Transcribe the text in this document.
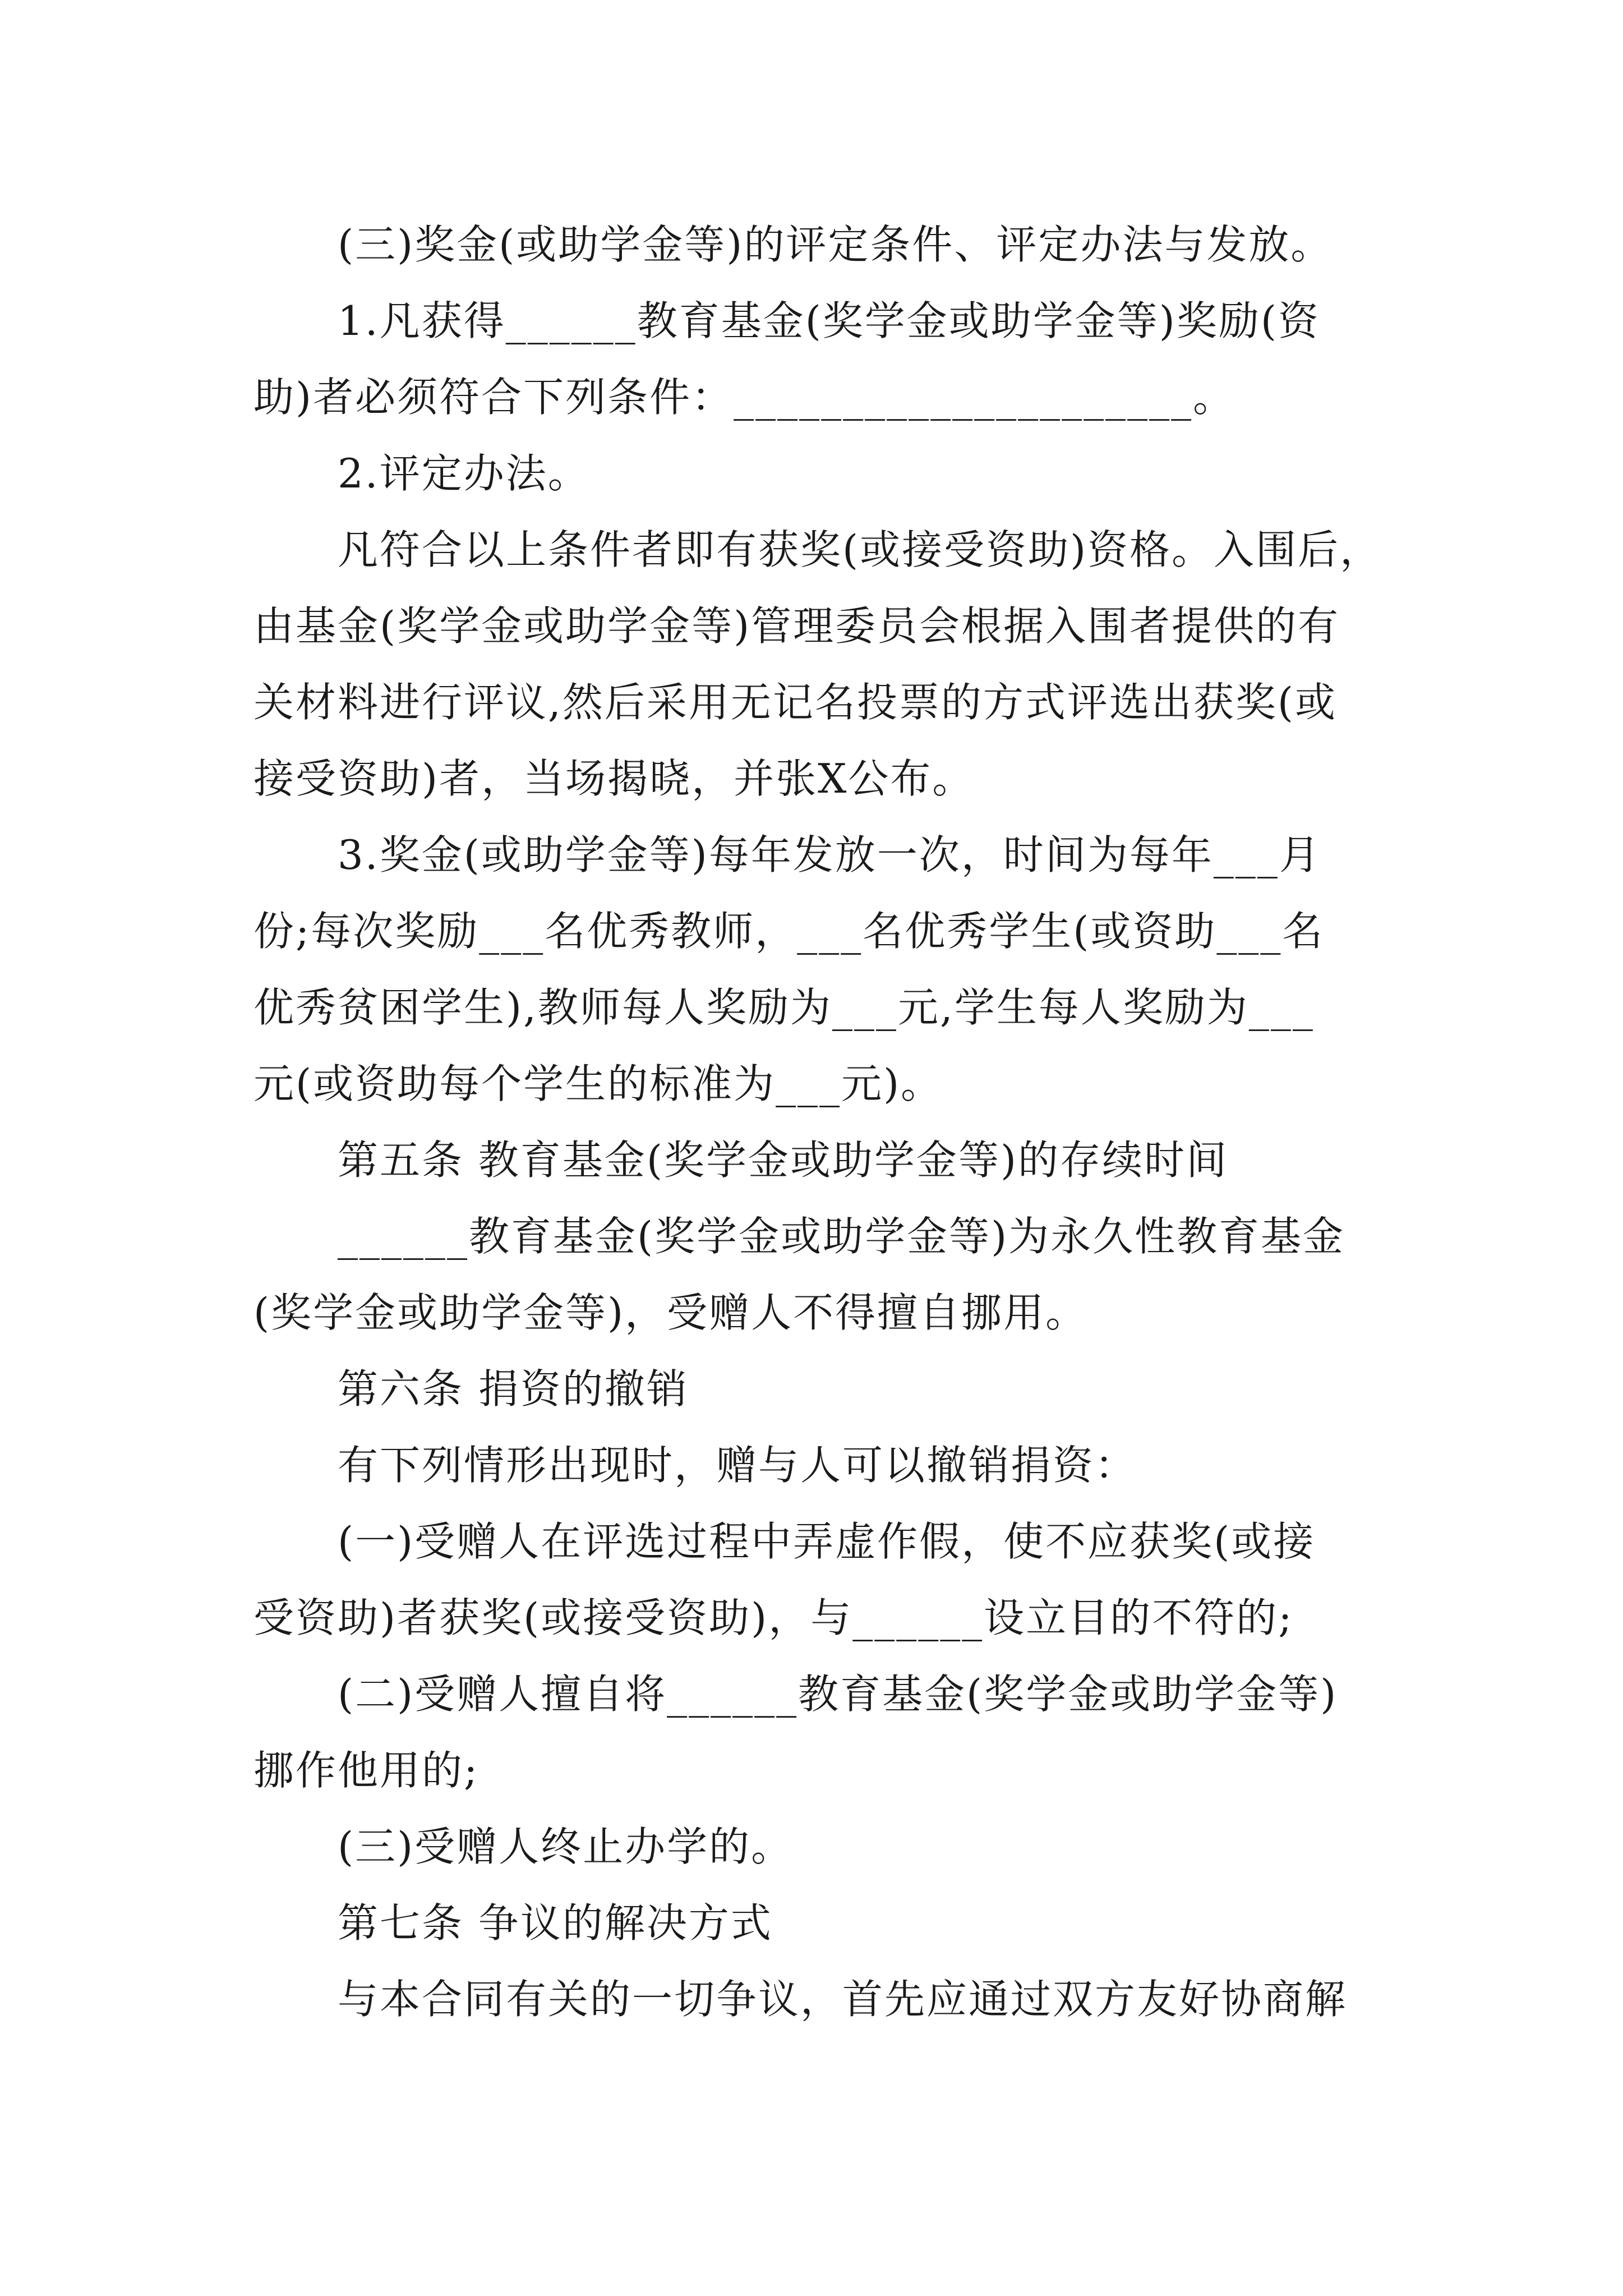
(三)奖金(或助学金等)的评定条件、评定办法与发放。
1.凡获得______教育基金(奖学金或助学金等)奖励(资
助)者必须符合下列条件：_____________________。
2.评定办法。
凡符合以上条件者即有获奖(或接受资助)资格。入围后，
由基金(奖学金或助学金等)管理委员会根据入围者提供的有
关材料进行评议,然后采用无记名投票的方式评选出获奖(或
接受资助)者，当场揭晓，并张X公布。
3.奖金(或助学金等)每年发放一次，时间为每年___月
份;每次奖励___名优秀教师，___名优秀学生(或资助___名
优秀贫困学生),教师每人奖励为___元,学生每人奖励为___
元(或资助每个学生的标准为___元)。
第五条 教育基金(奖学金或助学金等)的存续时间
______教育基金(奖学金或助学金等)为永久性教育基金
(奖学金或助学金等)，受赠人不得擅自挪用。
第六条 捐资的撤销
有下列情形出现时，赠与人可以撤销捐资：
(一)受赠人在评选过程中弄虚作假，使不应获奖(或接
受资助)者获奖(或接受资助)，与______设立目的不符的;
(二)受赠人擅自将______教育基金(奖学金或助学金等)
挪作他用的;
(三)受赠人终止办学的。
第七条 争议的解决方式
与本合同有关的一切争议，首先应通过双方友好协商解
